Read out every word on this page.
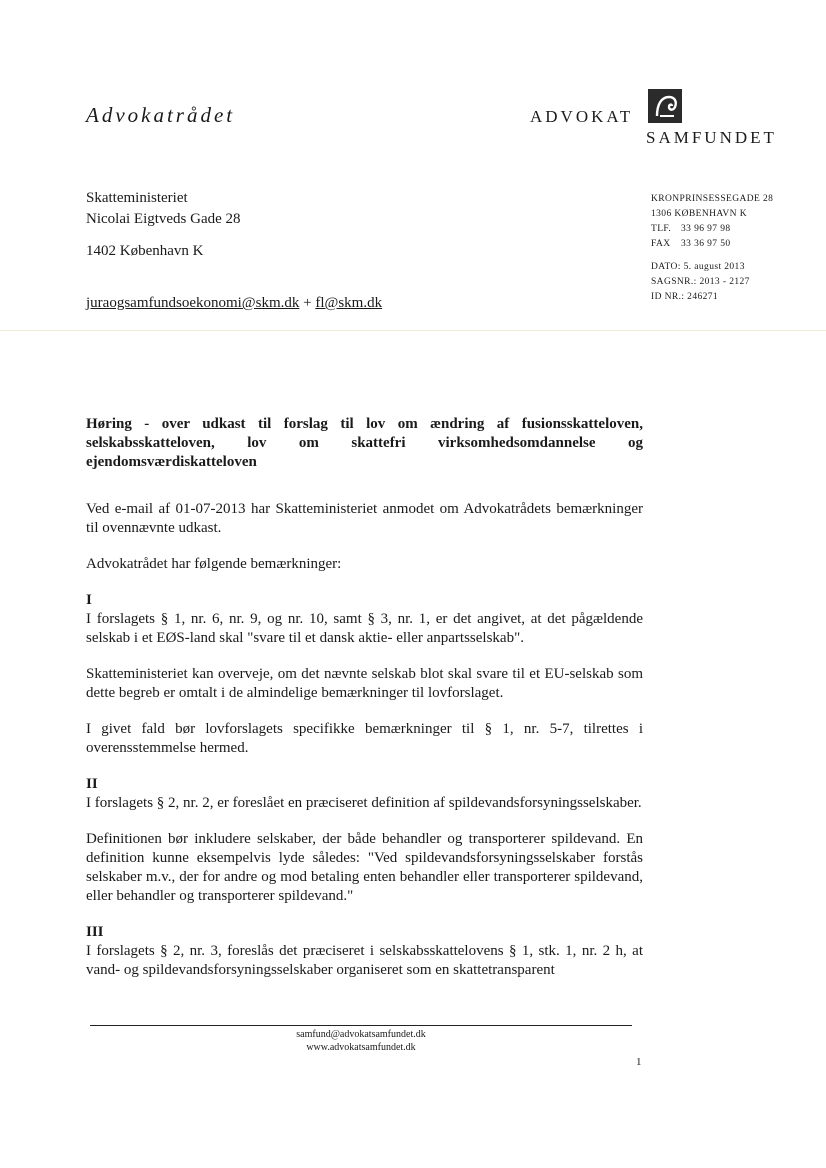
Advokatrådet	ADVOKAT
SAMFUNDET
Skatteministeriet
Nicolai Eigtveds Gade 28
1402 København K
juraogsamfundsoekonomi@skm.dk + fl@skm.dk
KRONPRINSESSEGADE 28
1306 KØBENHAVN K
TLF. 33 96 97 98
FAX 33 36 97 50
DATO: 5. august 2013
SAGSNR.: 2013 - 2127
ID NR.: 246271
Høring - over udkast til forslag til lov om ændring af fusionsskatteloven, selskabsskatteloven, lov om skattefri virksomhedsomdannelse og ejendomsværdiskatteloven

Ved e-mail af 01-07-2013 har Skatteministeriet anmodet om Advokatrådets bemærkninger til ovennævnte udkast.

Advokatrådet har følgende bemærkninger:

I

I forslagets § 1, nr. 6, nr. 9, og nr. 10, samt § 3, nr. 1, er det angivet, at det pågældende selskab i et EØS-land skal "svare til et dansk aktie- eller anpartsselskab".

Skatteministeriet kan overveje, om det nævnte selskab blot skal svare til et EU-selskab som dette begreb er omtalt i de almindelige bemærkninger til lovforslaget.

I givet fald bør lovforslagets specifikke bemærkninger til § 1, nr. 5-7, tilrettes i overensstemmelse hermed.

II

I forslagets § 2, nr. 2, er foreslået en præciseret definition af spildevandsforsyningsselskaber.

Definitionen bør inkludere selskaber, der både behandler og transporterer spildevand. En definition kunne eksempelvis lyde således: "Ved spildevandsforsyningsselskaber forstås selskaber m.v., der for andre og mod betaling enten behandler eller transporterer spildevand, eller behandler og transporterer spildevand."

III

I forslagets § 2, nr. 3, foreslås det præciseret i selskabsskattelovens § 1, stk. 1, nr. 2 h, at vand- og spildevandsforsyningsselskaber organiseret som en skattetransparent

samfund@advokatsamfundet.dk
www.advokatsamfundet.dk
1
